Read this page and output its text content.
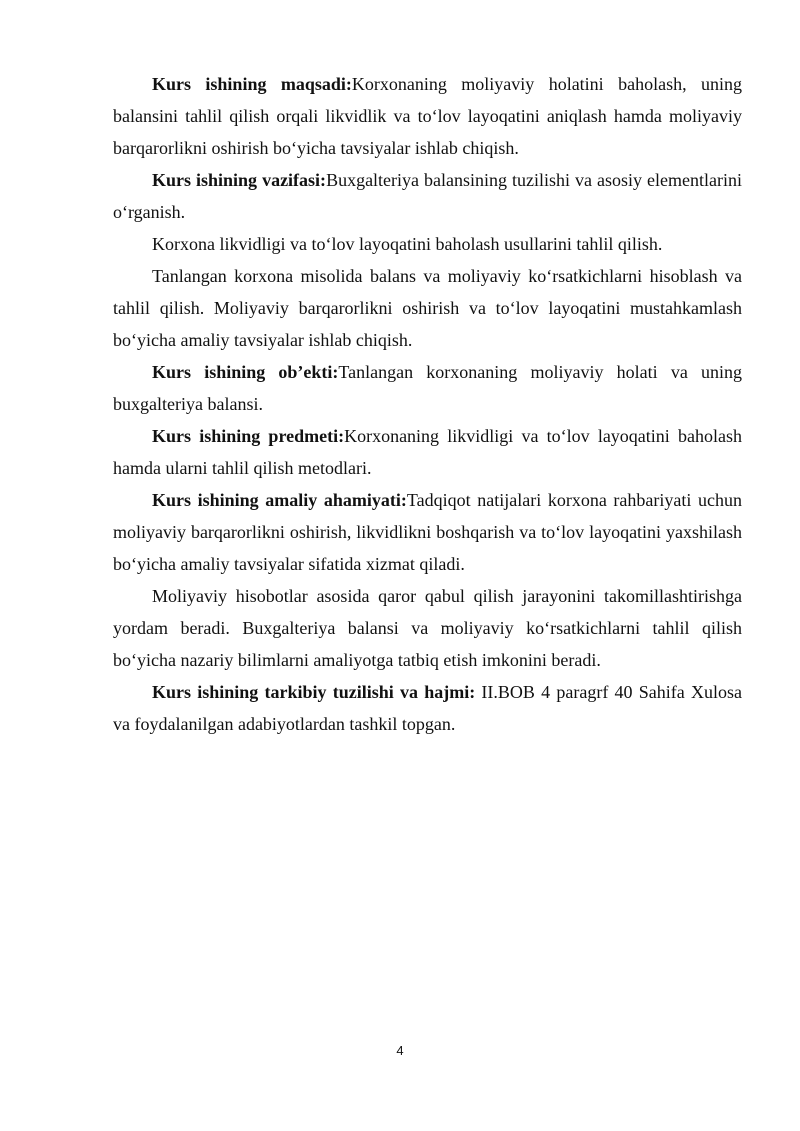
Kurs ishining maqsadi:Korxonaning moliyaviy holatini baholash, uning balansini tahlil qilish orqali likvidlik va to‘lov layoqatini aniqlash hamda moliyaviy barqarorlikni oshirish bo‘yicha tavsiyalar ishlab chiqish.

Kurs ishining vazifasi:Buxgalteriya balansining tuzilishi va asosiy elementlarini o‘rganish.

Korxona likvidligi va to‘lov layoqatini baholash usullarini tahlil qilish.

Tanlangan korxona misolida balans va moliyaviy ko‘rsatkichlarni hisoblash va tahlil qilish. Moliyaviy barqarorlikni oshirish va to‘lov layoqatini mustahkamlash bo‘yicha amaliy tavsiyalar ishlab chiqish.

Kurs ishining ob’ekti:Tanlangan korxonaning moliyaviy holati va uning buxgalteriya balansi.

Kurs ishining predmeti:Korxonaning likvidligi va to‘lov layoqatini baholash hamda ularni tahlil qilish metodlari.

Kurs ishining amaliy ahamiyati:Tadqiqot natijalari korxona rahbariyati uchun moliyaviy barqarorlikni oshirish, likvidlikni boshqarish va to‘lov layoqatini yaxshilash bo‘yicha amaliy tavsiyalar sifatida xizmat qiladi.

Moliyaviy hisobotlar asosida qaror qabul qilish jarayonini takomillashtirishga yordam beradi. Buxgalteriya balansi va moliyaviy ko‘rsatkichlarni tahlil qilish bo‘yicha nazariy bilimlarni amaliyotga tatbiq etish imkonini beradi.

Kurs ishining tarkibiy tuzilishi va hajmi: II.BOB 4 paragrf 40 Sahifa Xulosa va foydalanilgan adabiyotlardan tashkil topgan.

4
